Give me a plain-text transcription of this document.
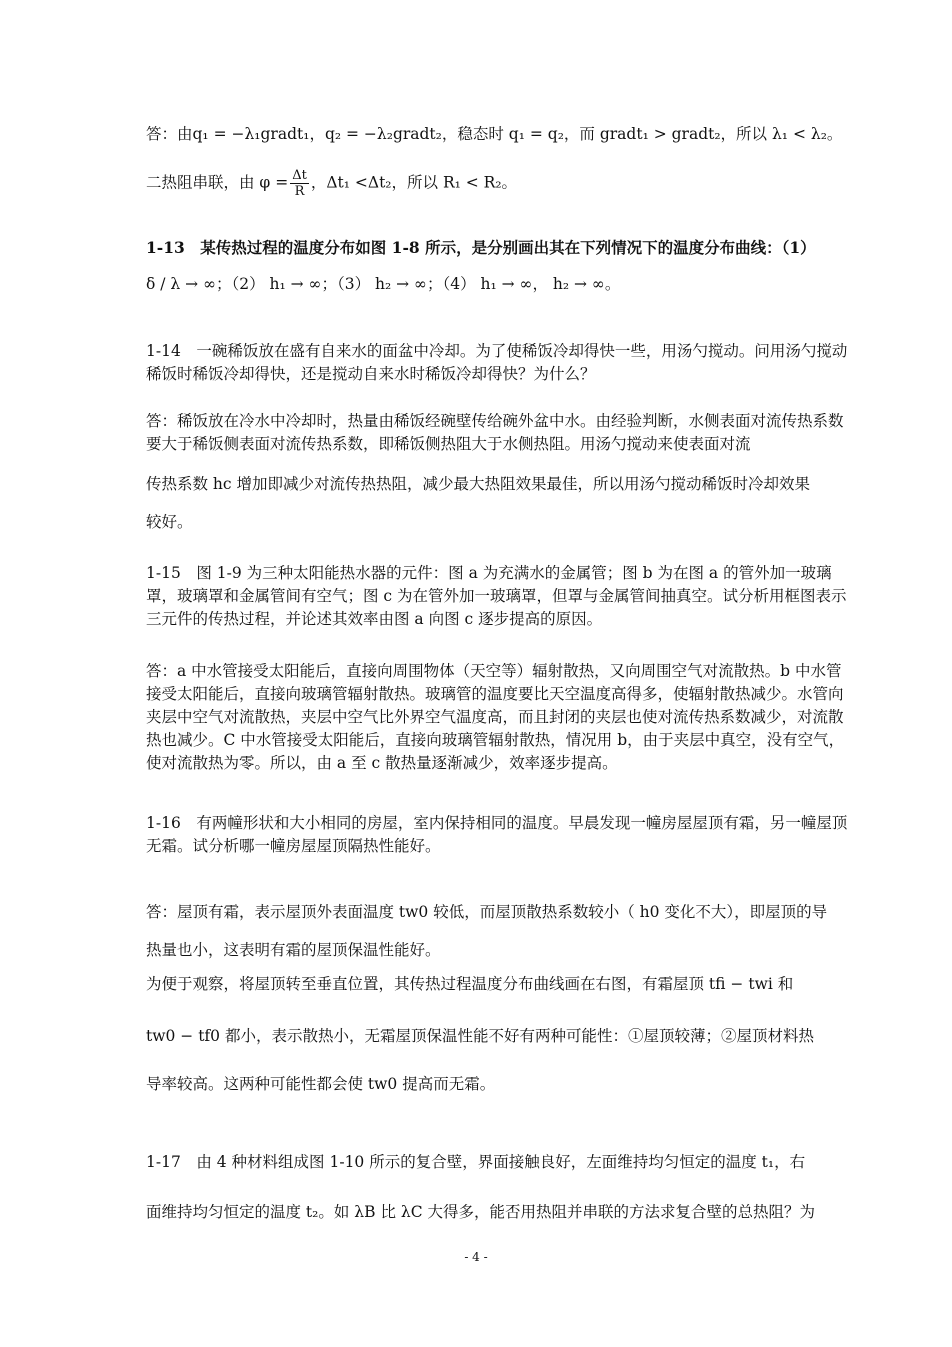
答：由q₁ = −λ₁gradt₁，q₂ = −λ₂gradt₂，稳态时 q₁ = q₂，而 gradt₁ > gradt₂，所以 λ₁ < λ₂。
二热阻串联，由 $\varphi = \frac{\Delta t}{R}$ ，Δt₁ <Δt₂，所以 R₁ < R₂。
1-13　某传热过程的温度分布如图 1-8 所示，是分别画出其在下列情况下的温度分布曲线：（1）
δ / λ → ∞；（2） h₁ → ∞；（3） h₂ → ∞；（4） h₁ → ∞， h₂ → ∞。
1-14　一碗稀饭放在盛有自来水的面盆中冷却。为了使稀饭冷却得快一些，用汤勺搅动。问用汤勺搅动稀饭时稀饭冷却得快，还是搅动自来水时稀饭冷却得快？为什么？
答：稀饭放在冷水中冷却时，热量由稀饭经碗壁传给碗外盆中水。由经验判断，水侧表面对流传热系数要大于稀饭侧表面对流传热系数，即稀饭侧热阻大于水侧热阻。用汤勺搅动来使表面对流
传热系数 hc 增加即减少对流传热热阻，减少最大热阻效果最佳，所以用汤勺搅动稀饭时冷却效果
较好。
1-15　图 1-9 为三种太阳能热水器的元件：图 a 为充满水的金属管；图 b 为在图 a 的管外加一玻璃罩，玻璃罩和金属管间有空气；图 c 为在管外加一玻璃罩，但罩与金属管间抽真空。试分析用框图表示三元件的传热过程，并论述其效率由图 a 向图 c 逐步提高的原因。
答：a 中水管接受太阳能后，直接向周围物体（天空等）辐射散热，又向周围空气对流散热。b 中水管接受太阳能后，直接向玻璃管辐射散热。玻璃管的温度要比天空温度高得多，使辐射散热减少。水管向夹层中空气对流散热，夹层中空气比外界空气温度高，而且封闭的夹层也使对流传热系数减少，对流散热也减少。C 中水管接受太阳能后，直接向玻璃管辐射散热，情况用 b，由于夹层中真空，没有空气，使对流散热为零。所以，由 a 至 c 散热量逐渐减少，效率逐步提高。
1-16　有两幢形状和大小相同的房屋，室内保持相同的温度。早晨发现一幢房屋屋顶有霜，另一幢屋顶无霜。试分析哪一幢房屋屋顶隔热性能好。
答：屋顶有霜，表示屋顶外表面温度 tw0 较低，而屋顶散热系数较小（ h0 变化不大），即屋顶的导
热量也小，这表明有霜的屋顶保温性能好。
为便于观察，将屋顶转至垂直位置，其传热过程温度分布曲线画在右图，有霜屋顶 tfi − twi 和
tw0 − tf0 都小，表示散热小，无霜屋顶保温性能不好有两种可能性：①屋顶较薄；②屋顶材料热
导率较高。这两种可能性都会使 tw0 提高而无霜。
1-17　由 4 种材料组成图 1-10 所示的复合壁，界面接触良好，左面维持均匀恒定的温度 t₁，右
面维持均匀恒定的温度 t₂。如 λB 比 λC 大得多，能否用热阻并串联的方法求复合壁的总热阻？为
- 4 -
